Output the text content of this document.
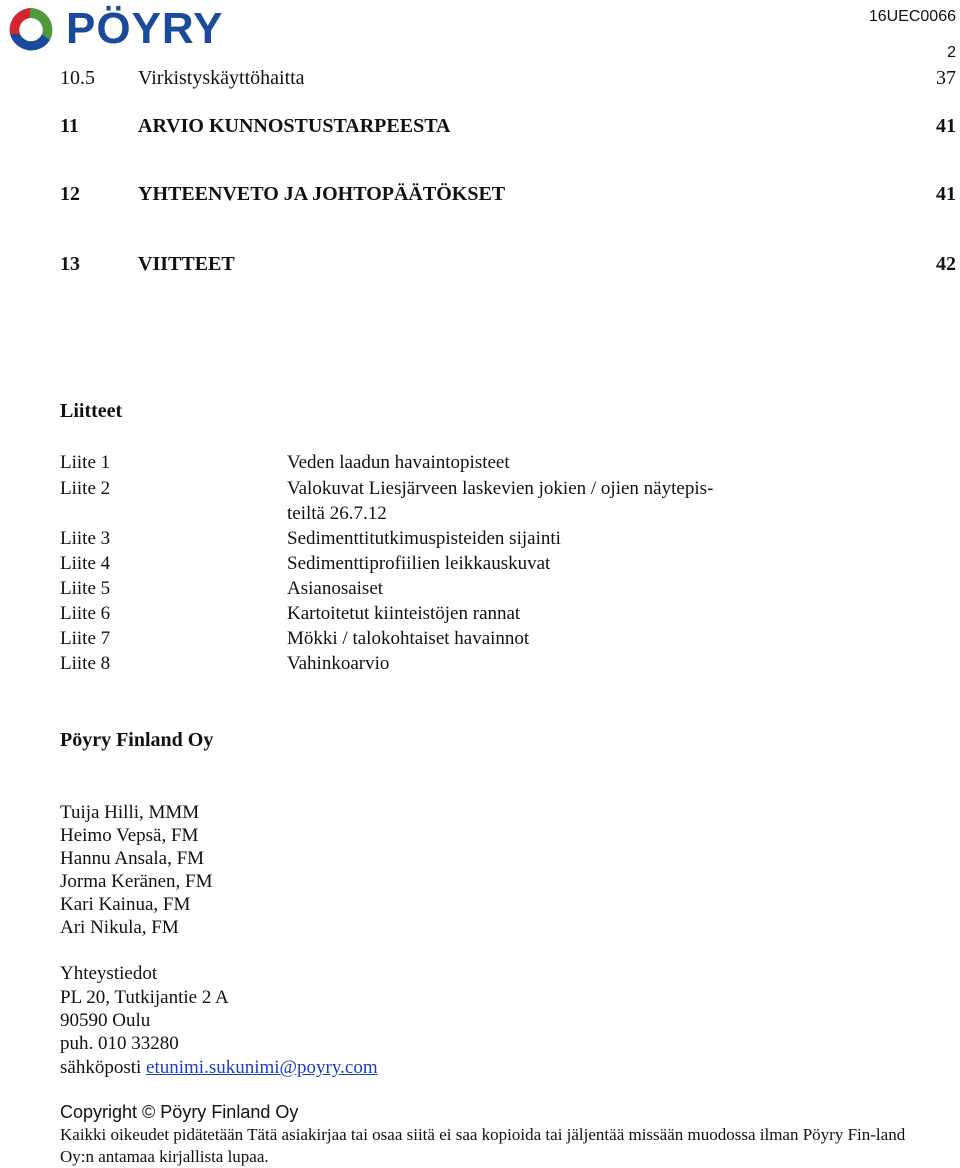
PÖYRY	16UEC0066
2
10.5 Virkistyskäyttöhaitta	37
11	ARVIO KUNNOSTUSTARPEESTA	41
12	YHTEENVETO JA JOHTOPÄÄTÖKSET	41
13	VIITTEET	42
Liitteet
Liite 1	Veden laadun havaintopisteet
Liite 2	Valokuvat Liesjärveen laskevien jokien / ojien näytepis-
teiltä 26.7.12
Liite 3	Sedimenttitutkimuspisteiden sijainti
Liite 4	Sedimenttiprofiilien leikkauskuvat
Liite 5	Asianosaiset
Liite 6	Kartoitetut kiinteistöjen rannat
Liite 7	Mökki / talokohtaiset havainnot
Liite 8	Vahinkoarvio
Pöyry Finland Oy
Tuija Hilli, MMM
Heimo Vepsä, FM
Hannu Ansala, FM
Jorma Keränen, FM
Kari Kainua, FM
Ari Nikula, FM
Yhteystiedot
PL 20, Tutkijantie 2 A
90590 Oulu
puh. 010 33280
sähköposti etunimi.sukunimi@poyry.com
Copyright © Pöyry Finland Oy
Kaikki oikeudet pidätetään Tätä asiakirjaa tai osaa siitä ei saa kopioida tai jäljentää missään muodossa ilman Pöyry Fin-land Oy:n antamaa kirjallista lupaa.
